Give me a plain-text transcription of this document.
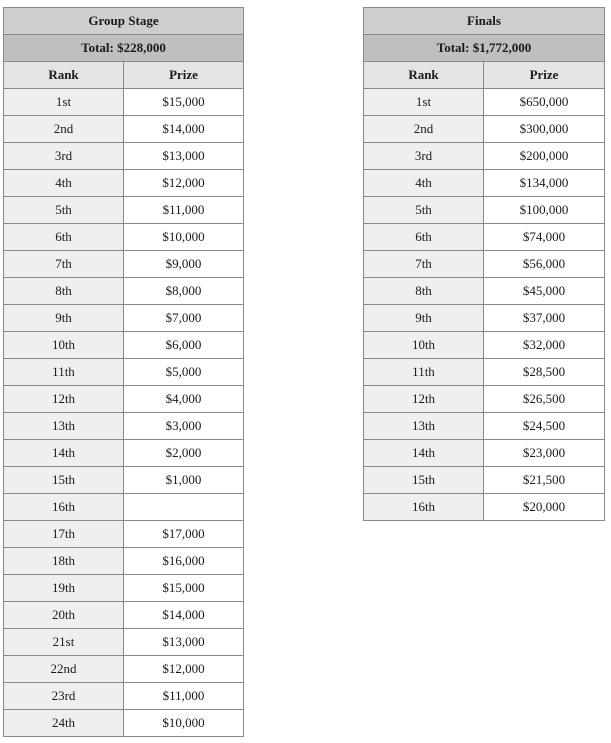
Group Stage	
Total: $228,000	
Rank	Prize
1st	$15,000
2nd	$14,000
3rd	$13,000
4th	$12,000
5th	$11,000
6th	$10,000
7th	$9,000
8th	$8,000
9th	$7,000
10th	$6,000
11th	$5,000
12th	$4,000
13th	$3,000
14th	$2,000
15th	$1,000
16th	
17th	$17,000
18th	$16,000
19th	$15,000
20th	$14,000
21st	$13,000
22nd	$12,000
23rd	$11,000
24th	$10,000
Finals	
Total: $1,772,000	
Rank	Prize
1st	$650,000
2nd	$300,000
3rd	$200,000
4th	$134,000
5th	$100,000
6th	$74,000
7th	$56,000
8th	$45,000
9th	$37,000
10th	$32,000
11th	$28,500
12th	$26,500
13th	$24,500
14th	$23,000
15th	$21,500
16th	$20,000
